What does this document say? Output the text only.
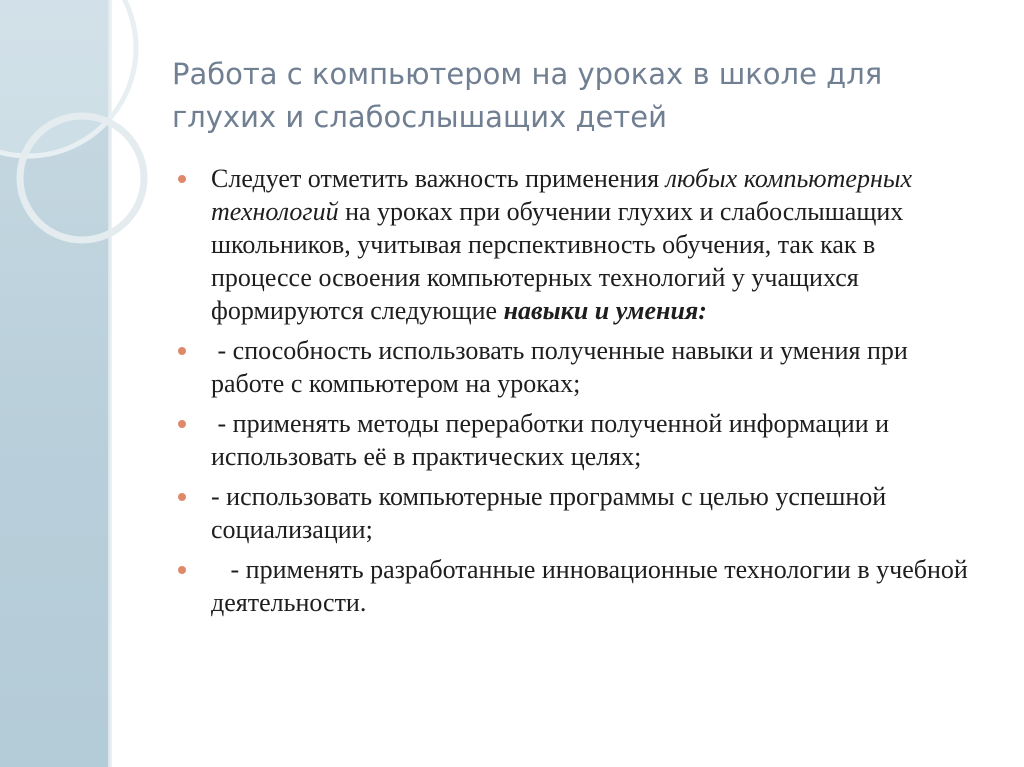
Работа с компьютером на уроках в школе для глухих и слабослышащих детей
Следует отметить важность применения любых компьютерных технологий на уроках при обучении глухих и слабослышащих школьников, учитывая перспективность обучения, так как в процессе освоения компьютерных технологий у учащихся формируются следующие навыки и умения:
- способность использовать полученные навыки и умения при работе с компьютером на уроках;
- применять методы переработки полученной информации и использовать её в практических целях;
- использовать компьютерные программы с целью успешной социализации;
- применять разработанные инновационные технологии в учебной деятельности.
